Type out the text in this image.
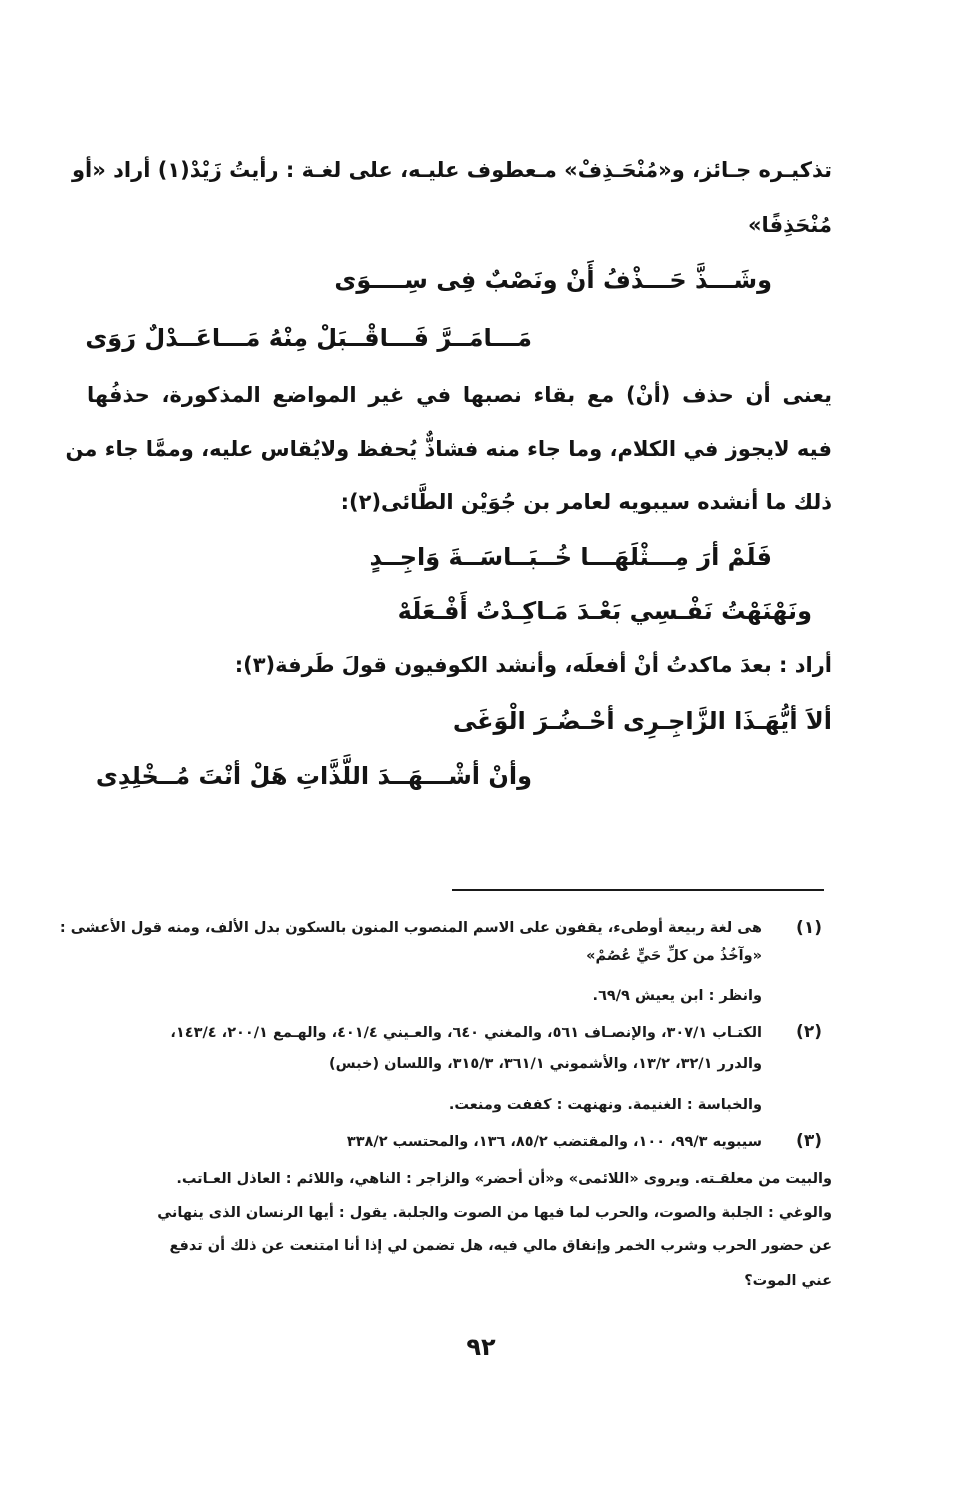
تذكيـره جـائز، و«مُنْحَـذِفْ» مـعطوف عليـه، على لغـة : رأيتُ زَيْدْ(١) أراد «أو
مُنْحَذِفًا»
وشَـــذَّ حَـــذْفُ أَنْ ونَصْبٌ فِى سِــــوَى
مَـــامَــرَّ فَـــاقْــبَلْ مِنْهُ مَـــاعَــدْلٌ رَوَى
يعنى أن حذف (أنْ) مع بقاء نصبها في غير المواضع المذكورة، حذفُها
فيه لايجوز في الكلام، وما جاء منه فشاذٌّ يُحفظ ولايُقاس عليه، وممَّا جاء من
ذلك ما أنشده سيبويه لعامر بن جُوَيْن الطَّائى(٢):
فَلَمْ أرَ مِـــثْلَهَـــا خُــبَــاسَــةَ وَاجِــدٍ
ونَهْنَهْتُ نَفْـسِي بَعْـدَ مَـاكِـدْتُ أَفْـعَلَهْ
أراد : بعدَ ماكدتُ أنْ أفعلَه، وأنشد الكوفيون قولَ طَرفة(٣):
ألاَ أيُّهَـذَا الزَّاجِـرِى أحْـضُـرَ الْوَغَى
وأنْ أشْـــهَــدَ اللَّذَّاتِ هَلْ أنْتَ مُــخْلِدِى
(١)
(٢)
(٣)
هى لغة ربيعة أوطىء، يقفون على الاسم المنصوب المنون بالسكون بدل الألف، ومنه قول الأعشى :
«وآخُذُ من كلِّ حَيٍّ عُصُمْ»
وانظر : ابن يعيش ٦٩/٩.
الكتـاب ٣٠٧/١، والإنصـاف ٥٦١، والمغني ٦٤٠، والعـيني ٤٠١/٤، والهـمع ٢٠٠/١، ١٤٣/٤،
والدرر ٣٢/١، ١٣/٢، والأشموني ٣٦١/١، ٣١٥/٣، واللسان (خبس)
والخباسة : الغنيمة. ونهنهت : كففت ومنعت.
سيبويه ٩٩/٣، ١٠٠، والمقتضب ٨٥/٢، ١٣٦، والمحتسب ٣٣٨/٢
والبيت من معلقـته. ويروى «اللائمى» و«أن أحضر» والزاجر : الناهي، واللائم : العاذل العـاتب.
والوغي : الجلبة والصوت، والحرب لما فيها من الصوت والجلبة. يقول : أيها الرنسان الذى ينهاني
عن حضور الحرب وشرب الخمر وإنفاق مالي فيه، هل تضمن لي إذا أنا امتنعت عن ذلك أن تدفع
عني الموت؟
٩٢
